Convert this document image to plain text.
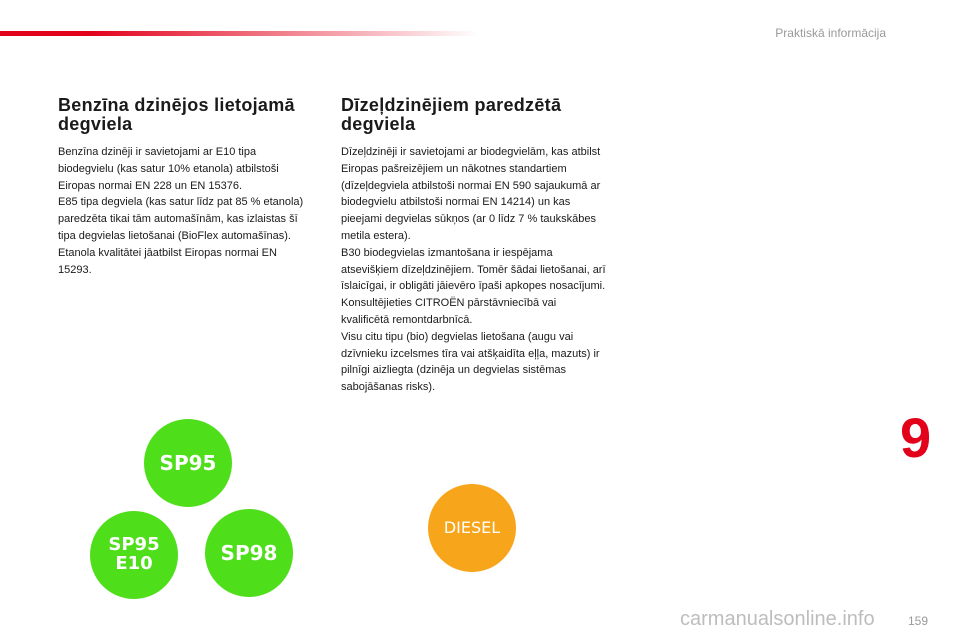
Praktiskā informācija
9
Benzīna dzinējos lietojamā degviela

Benzīna dzinēji ir savietojami ar E10 tipa biodegvielu (kas satur 10% etanola) atbilstoši Eiropas normai EN 228 un EN 15376.

E85 tipa degviela (kas satur līdz pat 85 % etanola) paredzēta tikai tām automašīnām, kas izlaistas šī tipa degvielas lietošanai (BioFlex automašīnas). Etanola kvalitātei jāatbilst Eiropas normai EN 15293.

Dīzeļdzinējiem paredzētā degviela

Dīzeļdzinēji ir savietojami ar biodegvielām, kas atbilst Eiropas pašreizējiem un nākotnes standartiem (dīzeļdegviela atbilstoši normai EN 590 sajaukumā ar biodegvielu atbilstoši normai EN 14214) un kas pieejami degvielas sūkņos (ar 0 līdz 7 % taukskābes metila estera).

B30 biodegvielas izmantošana ir iespējama atsevišķiem dīzeļdzinējiem. Tomēr šādai lietošanai, arī īslaicīgai, ir obligāti jāievēro īpaši apkopes nosacījumi. Konsultējieties CITROËN pārstāvniecībā vai kvalificētā remontdarbnīcā.

Visu citu tipu (bio) degvielas lietošana (augu vai dzīvnieku izcelsmes tīra vai atšķaidīta eļļa, mazuts) ir pilnīgi aizliegta (dzinēja un degvielas sistēmas sabojāšanas risks).

SP95
SP95
E10	SP98
DIESEL
carmanualsonline.info	159
